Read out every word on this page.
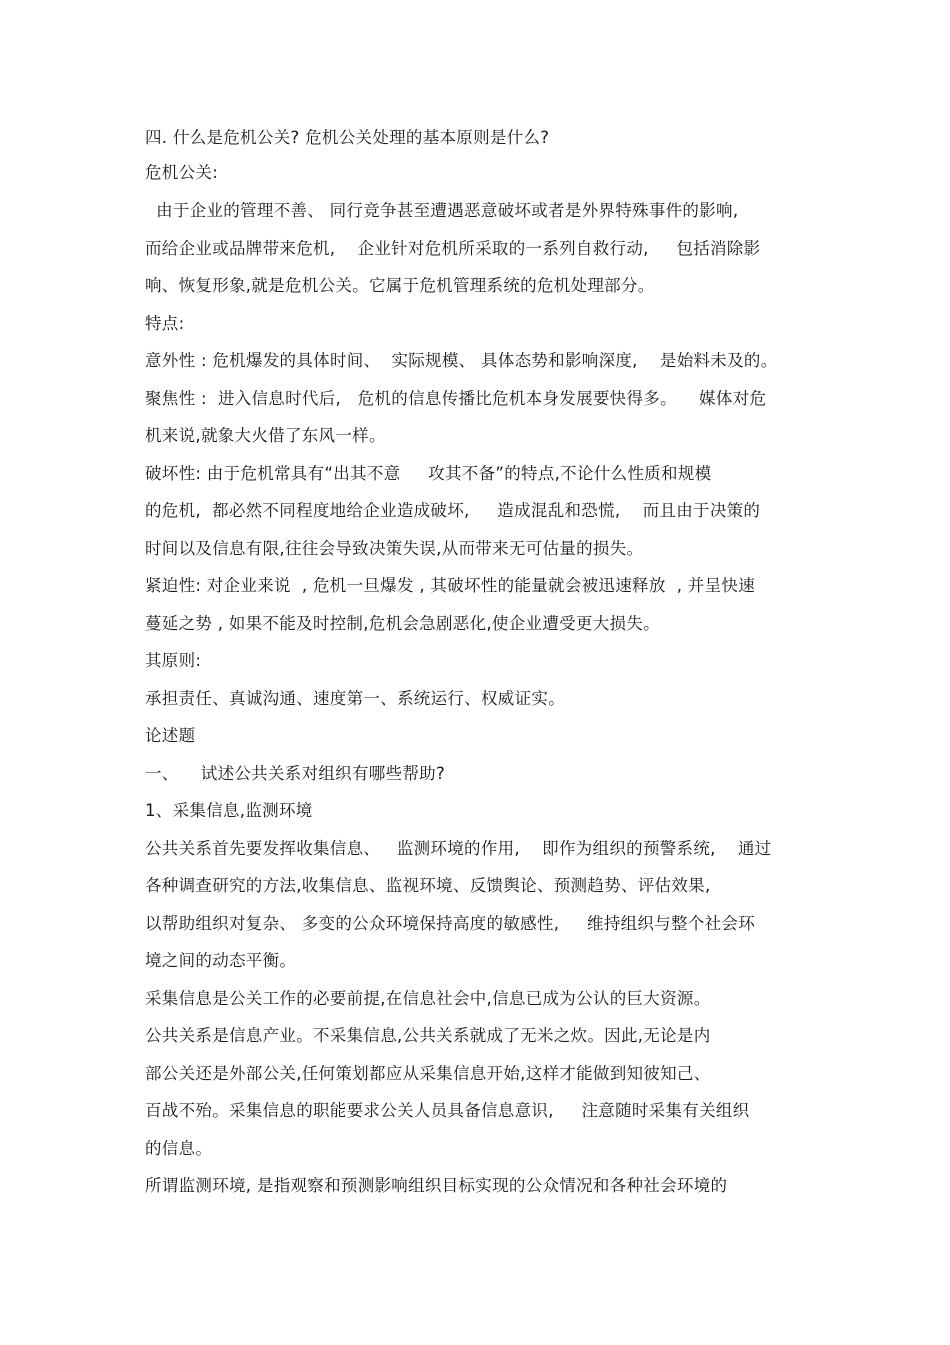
四. 什么是危机公关? 危机公关处理的基本原则是什么?
危机公关:
由于企业的管理不善、 同行竞争甚至遭遇恶意破坏或者是外界特殊事件的影响,
而给企业或品牌带来危机,    企业针对危机所采取的一系列自救行动,     包括消除影
响、恢复形象,就是危机公关。它属于危机管理系统的危机处理部分。
特点:
意外性 : 危机爆发的具体时间、  实际规模、 具体态势和影响深度,    是始料未及的。
聚焦性 :  进入信息时代后,   危机的信息传播比危机本身发展要快得多。    媒体对危
机来说,就象大火借了东风一样。
破坏性: 由于危机常具有“出其不意     攻其不备”的特点,不论什么性质和规模
的危机,  都必然不同程度地给企业造成破坏,     造成混乱和恐慌,    而且由于决策的
时间以及信息有限,往往会导致决策失误,从而带来无可估量的损失。
紧迫性: 对企业来说  , 危机一旦爆发 , 其破坏性的能量就会被迅速释放  , 并呈快速
蔓延之势 , 如果不能及时控制,危机会急剧恶化,使企业遭受更大损失。
其原则:
承担责任、真诚沟通、速度第一、系统运行、权威证实。
论述题
一、    试述公共关系对组织有哪些帮助?
1、采集信息,监测环境
公共关系首先要发挥收集信息、   监测环境的作用,    即作为组织的预警系统,    通过
各种调查研究的方法,收集信息、监视环境、反馈舆论、预测趋势、评估效果,
以帮助组织对复杂、 多变的公众环境保持高度的敏感性,     维持组织与整个社会环
境之间的动态平衡。
采集信息是公关工作的必要前提,在信息社会中,信息已成为公认的巨大资源。
公共关系是信息产业。不采集信息,公共关系就成了无米之炊。因此,无论是内
部公关还是外部公关,任何策划都应从采集信息开始,这样才能做到知彼知己、
百战不殆。采集信息的职能要求公关人员具备信息意识,     注意随时采集有关组织
的信息。
所谓监测环境, 是指观察和预测影响组织目标实现的公众情况和各种社会环境的
